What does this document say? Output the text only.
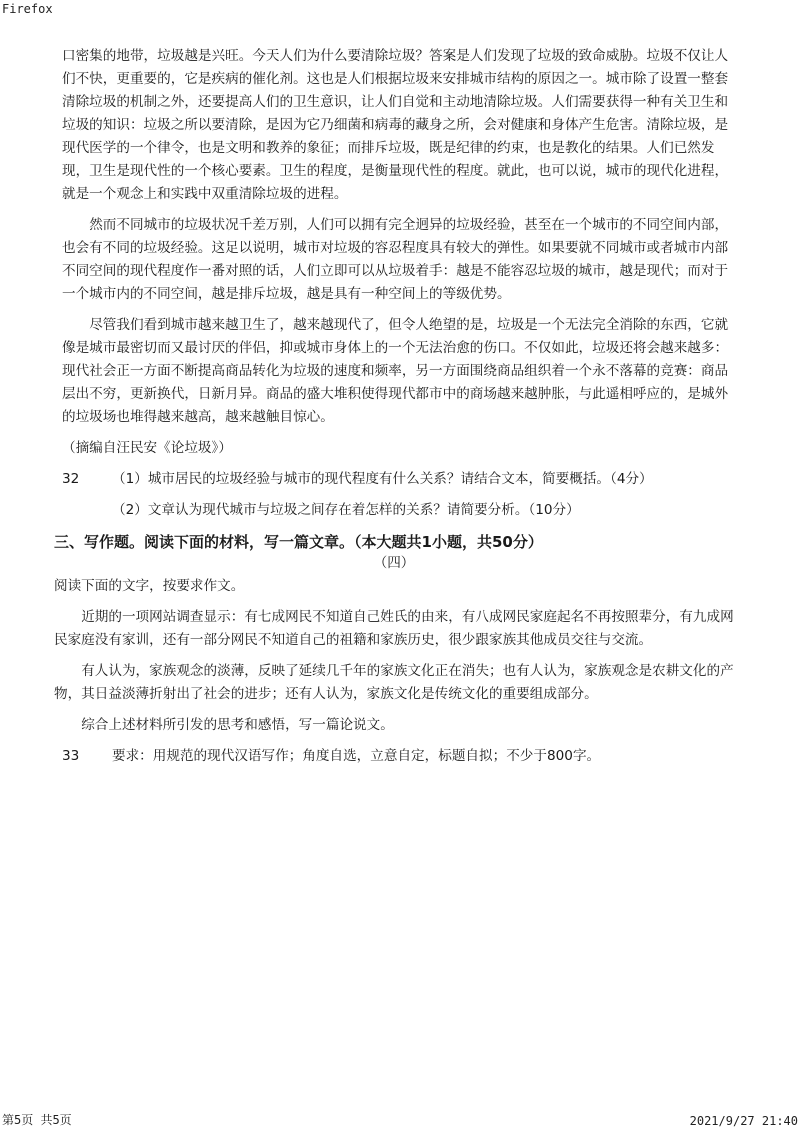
Firefox

口密集的地带，垃圾越是兴旺。今天人们为什么要清除垃圾？答案是人们发现了垃圾的致命威胁。垃圾不仅让人们不快，更重要的，它是疾病的催化剂。这也是人们根据垃圾来安排城市结构的原因之一。城市除了设置一整套清除垃圾的机制之外，还要提高人们的卫生意识，让人们自觉和主动地清除垃圾。人们需要获得一种有关卫生和垃圾的知识：垃圾之所以要清除，是因为它乃细菌和病毒的藏身之所，会对健康和身体产生危害。清除垃圾，是现代医学的一个律令，也是文明和教养的象征；而排斥垃圾，既是纪律的约束，也是教化的结果。人们已然发现，卫生是现代性的一个核心要素。卫生的程度，是衡量现代性的程度。就此，也可以说，城市的现代化进程，就是一个观念上和实践中双重清除垃圾的进程。

然而不同城市的垃圾状况千差万别，人们可以拥有完全迥异的垃圾经验，甚至在一个城市的不同空间内部，也会有不同的垃圾经验。这足以说明，城市对垃圾的容忍程度具有较大的弹性。如果要就不同城市或者城市内部不同空间的现代程度作一番对照的话，人们立即可以从垃圾着手：越是不能容忍垃圾的城市，越是现代；而对于一个城市内的不同空间，越是排斥垃圾，越是具有一种空间上的等级优势。

尽管我们看到城市越来越卫生了，越来越现代了，但令人绝望的是，垃圾是一个无法完全消除的东西，它就像是城市最密切而又最讨厌的伴侣，抑或城市身体上的一个无法治愈的伤口。不仅如此，垃圾还将会越来越多：现代社会正一方面不断提高商品转化为垃圾的速度和频率，另一方面围绕商品组织着一个永不落幕的竞赛：商品层出不穷，更新换代，日新月异。商品的盛大堆积使得现代都市中的商场越来越肿胀，与此遥相呼应的，是城外的垃圾场也堆得越来越高，越来越触目惊心。

（摘编自汪民安《论垃圾》）

32	（1）城市居民的垃圾经验与城市的现代程度有什么关系？请结合文本，简要概括。（4分）

（2）文章认为现代城市与垃圾之间存在着怎样的关系？请简要分析。（10分）

三、写作题。阅读下面的材料，写一篇文章。（本大题共1小题，共50分）

（四）

阅读下面的文字，按要求作文。

近期的一项网站调查显示：有七成网民不知道自己姓氏的由来，有八成网民家庭起名不再按照辈分，有九成网民家庭没有家训，还有一部分网民不知道自己的祖籍和家族历史，很少跟家族其他成员交往与交流。

有人认为，家族观念的淡薄，反映了延续几千年的家族文化正在消失；也有人认为，家族观念是农耕文化的产物，其日益淡薄折射出了社会的进步；还有人认为，家族文化是传统文化的重要组成部分。

综合上述材料所引发的思考和感悟，写一篇论说文。

33	要求：用规范的现代汉语写作；角度自选，立意自定，标题自拟；不少于800字。
第5页 共5页	2021/9/27 21:40
